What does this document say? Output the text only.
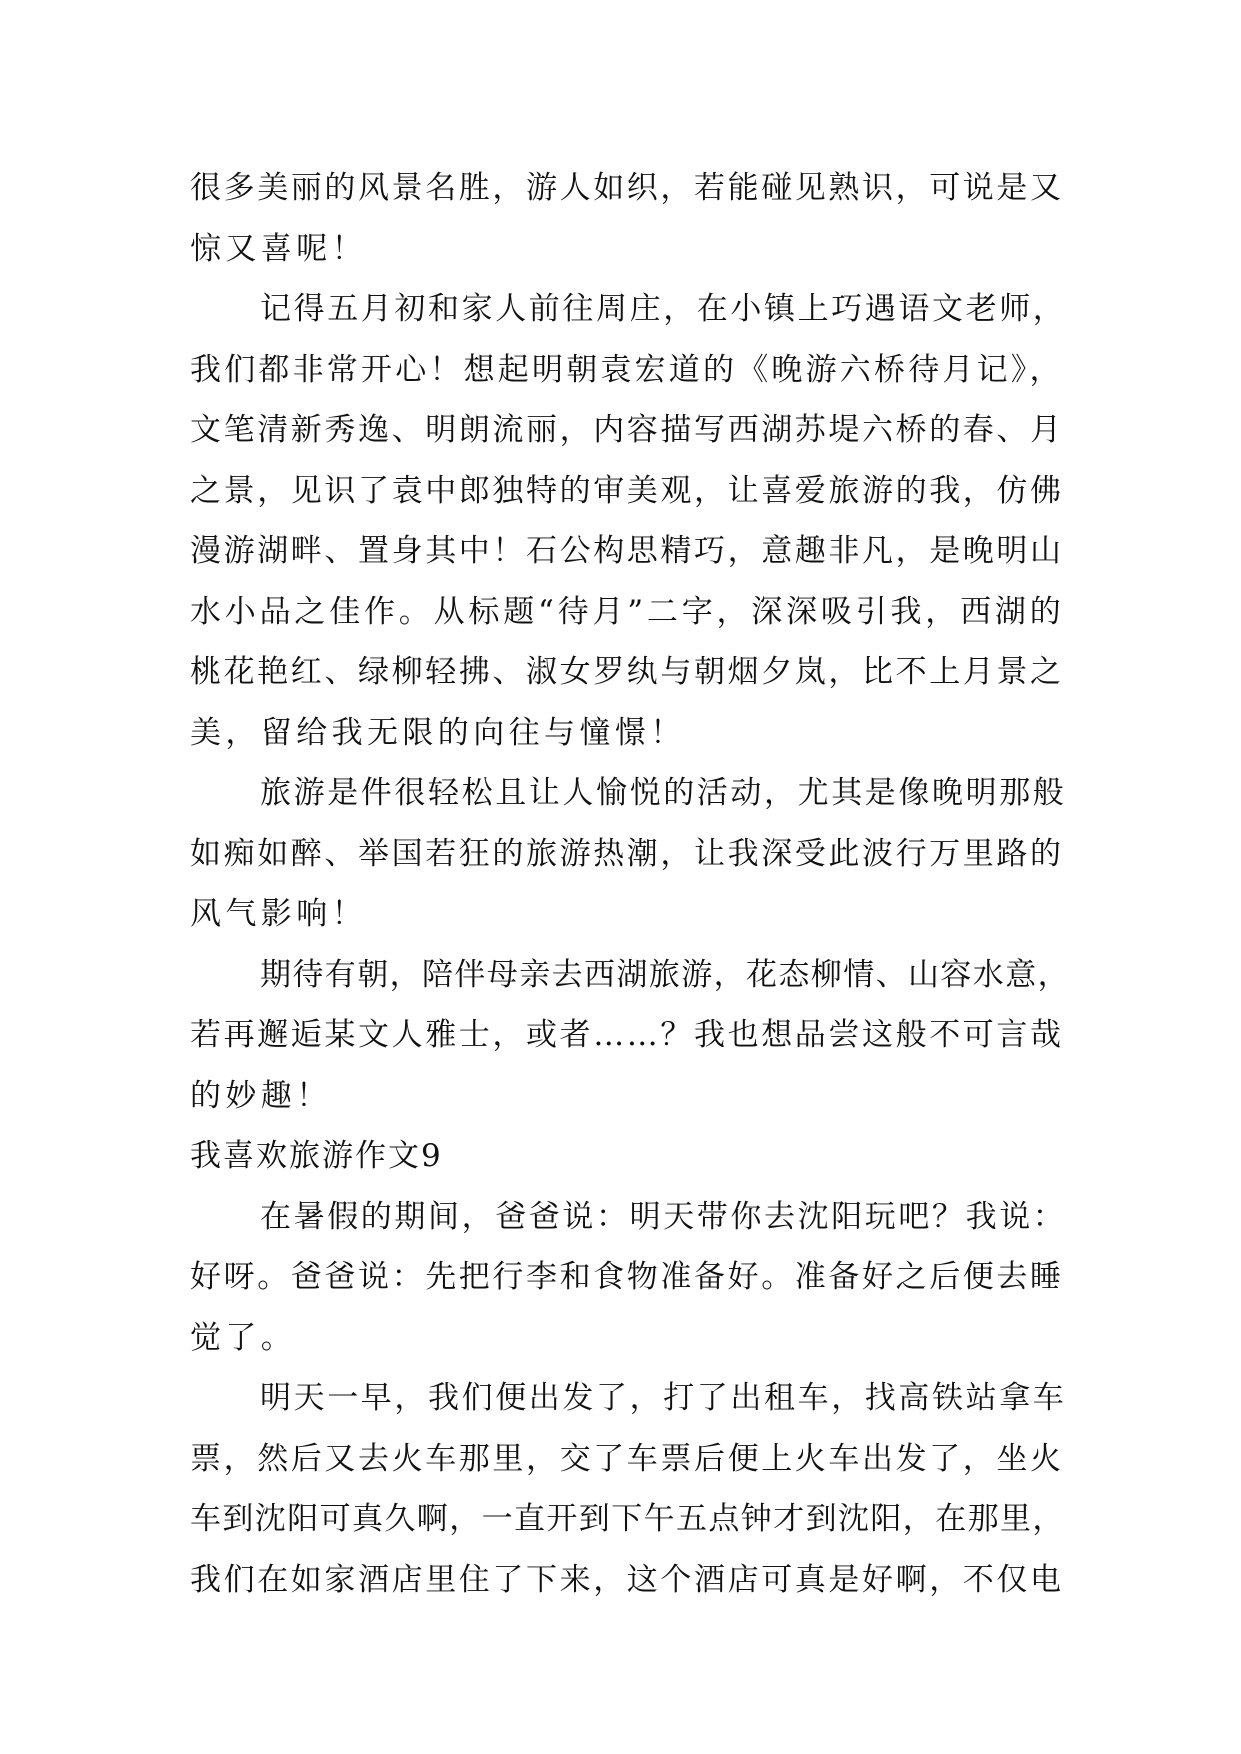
很多美丽的风景名胜，游人如织，若能碰见熟识，可说是又

惊又喜呢！

记得五月初和家人前往周庄，在小镇上巧遇语文老师，

我们都非常开心！想起明朝袁宏道的《晚游六桥待月记》，

文笔清新秀逸、明朗流丽，内容描写西湖苏堤六桥的春、月

之景，见识了袁中郎独特的审美观，让喜爱旅游的我，仿佛

漫游湖畔、置身其中！石公构思精巧，意趣非凡，是晚明山

水小品之佳作。从标题“待月”二字，深深吸引我，西湖的

桃花艳红、绿柳轻拂、淑女罗纨与朝烟夕岚，比不上月景之

美，留给我无限的向往与憧憬！

旅游是件很轻松且让人愉悦的活动，尤其是像晚明那般

如痴如醉、举国若狂的旅游热潮，让我深受此波行万里路的

风气影响！

期待有朝，陪伴母亲去西湖旅游，花态柳情、山容水意，

若再邂逅某文人雅士，或者……？我也想品尝这般不可言哉

的妙趣！

我喜欢旅游作文9

在暑假的期间，爸爸说：明天带你去沈阳玩吧？我说：

好呀。爸爸说：先把行李和食物准备好。准备好之后便去睡

觉了。

明天一早，我们便出发了，打了出租车，找高铁站拿车

票，然后又去火车那里，交了车票后便上火车出发了，坐火

车到沈阳可真久啊，一直开到下午五点钟才到沈阳，在那里，

我们在如家酒店里住了下来，这个酒店可真是好啊，不仅电
